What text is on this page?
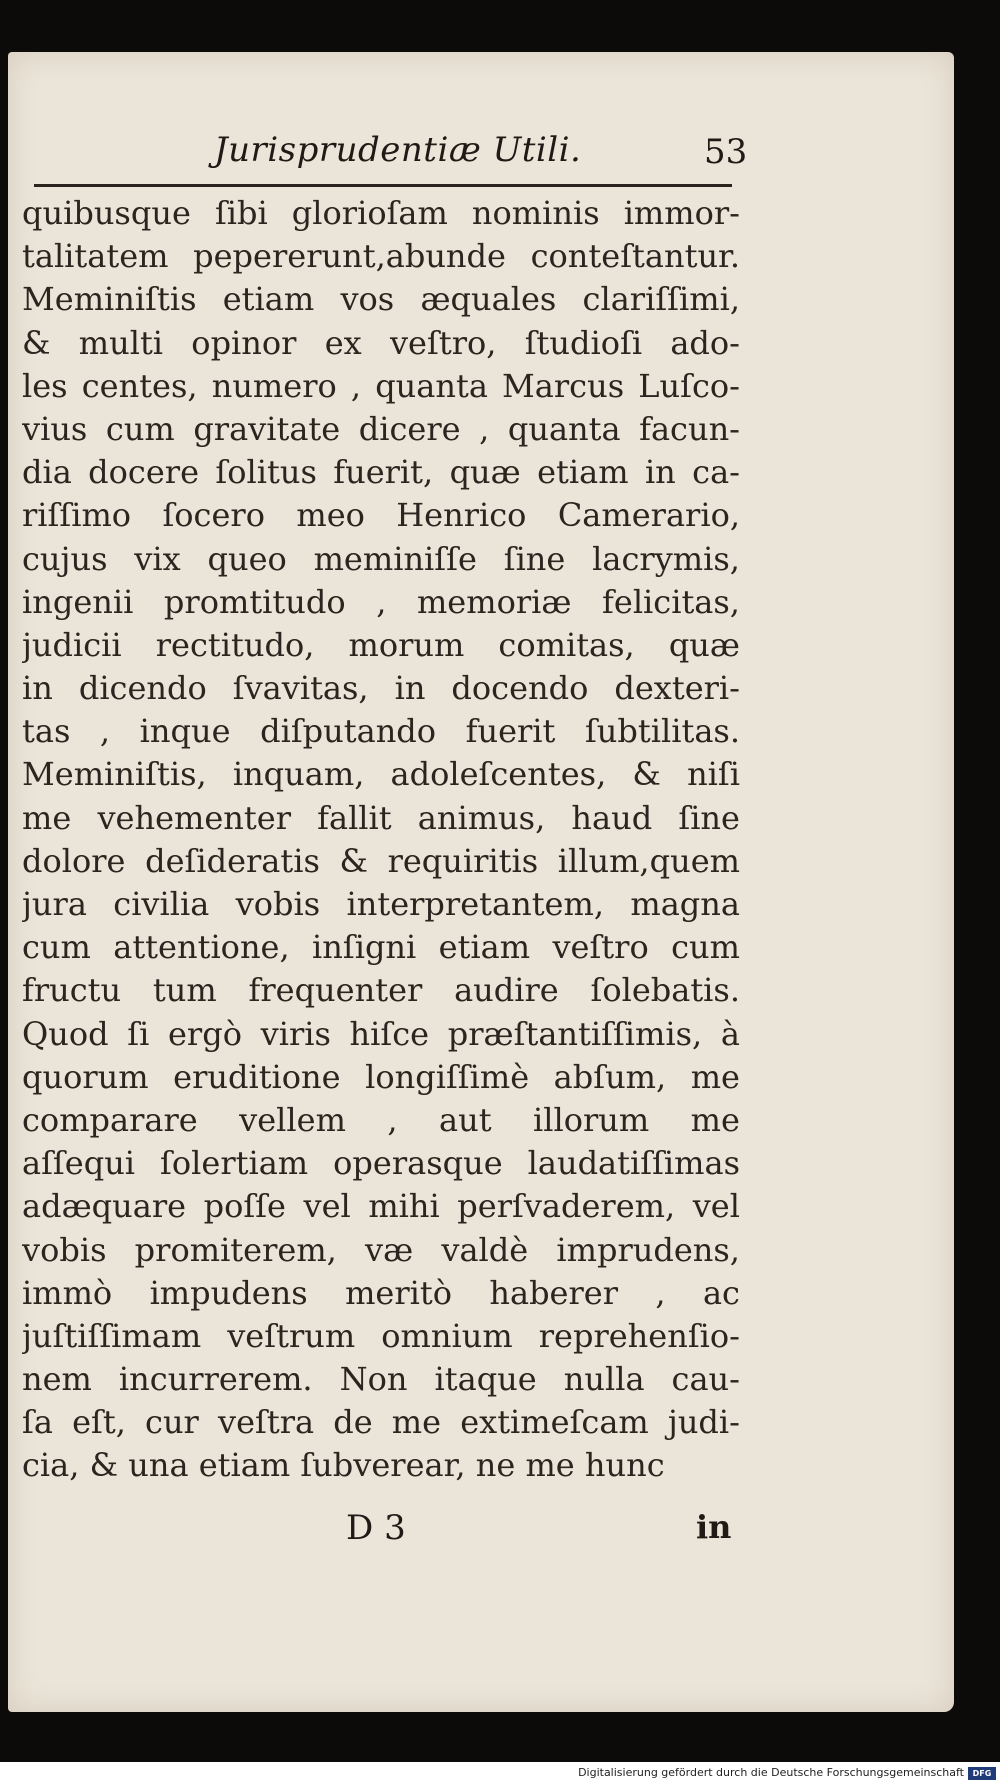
Jurisprudentiæ Utili.	53
quibusque ſibi glorioſam nominis immor-
talitatem pepererunt,abunde conteſtantur.
Meminiſtis etiam vos æquales clariſſimi,
& multi opinor ex veſtro, ſtudioſi ado-
les centes, numero , quanta Marcus Luſco-
vius cum gravitate dicere , quanta facun-
dia docere ſolitus fuerit, quæ etiam in ca-
riſſimo ſocero meo Henrico Camerario,
cujus vix queo meminiſſe ſine lacrymis,
ingenii promtitudo , memoriæ felicitas,
judicii rectitudo, morum comitas, quæ
in dicendo ſvavitas, in docendo dexteri-
tas , inque diſputando fuerit ſubtilitas.
Meminiſtis, inquam, adoleſcentes, & niſi
me vehementer fallit animus, haud ſine
dolore deſideratis & requiritis illum,quem
jura civilia vobis interpretantem, magna
cum attentione, inſigni etiam veſtro cum
fructu tum frequenter audire ſolebatis.
Quod ſi ergò viris hiſce præſtantiſſimis, à
quorum eruditione longiſſimè abſum, me
comparare vellem , aut illorum me
aſſequi ſolertiam operasque laudatiſſimas
adæquare poſſe vel mihi perſvaderem, vel
vobis promiterem, væ valdè imprudens,
immò impudens meritò haberer , ac
juſtiſſimam veſtrum omnium reprehenſio-
nem incurrerem. Non itaque nulla cau-
ſa eſt, cur veſtra de me extimeſcam judi-
cia, & una etiam ſubverear, ne me hunc
D 3	in
Digitalisierung gefördert durch die Deutsche Forschungsgemeinschaft	DFG
